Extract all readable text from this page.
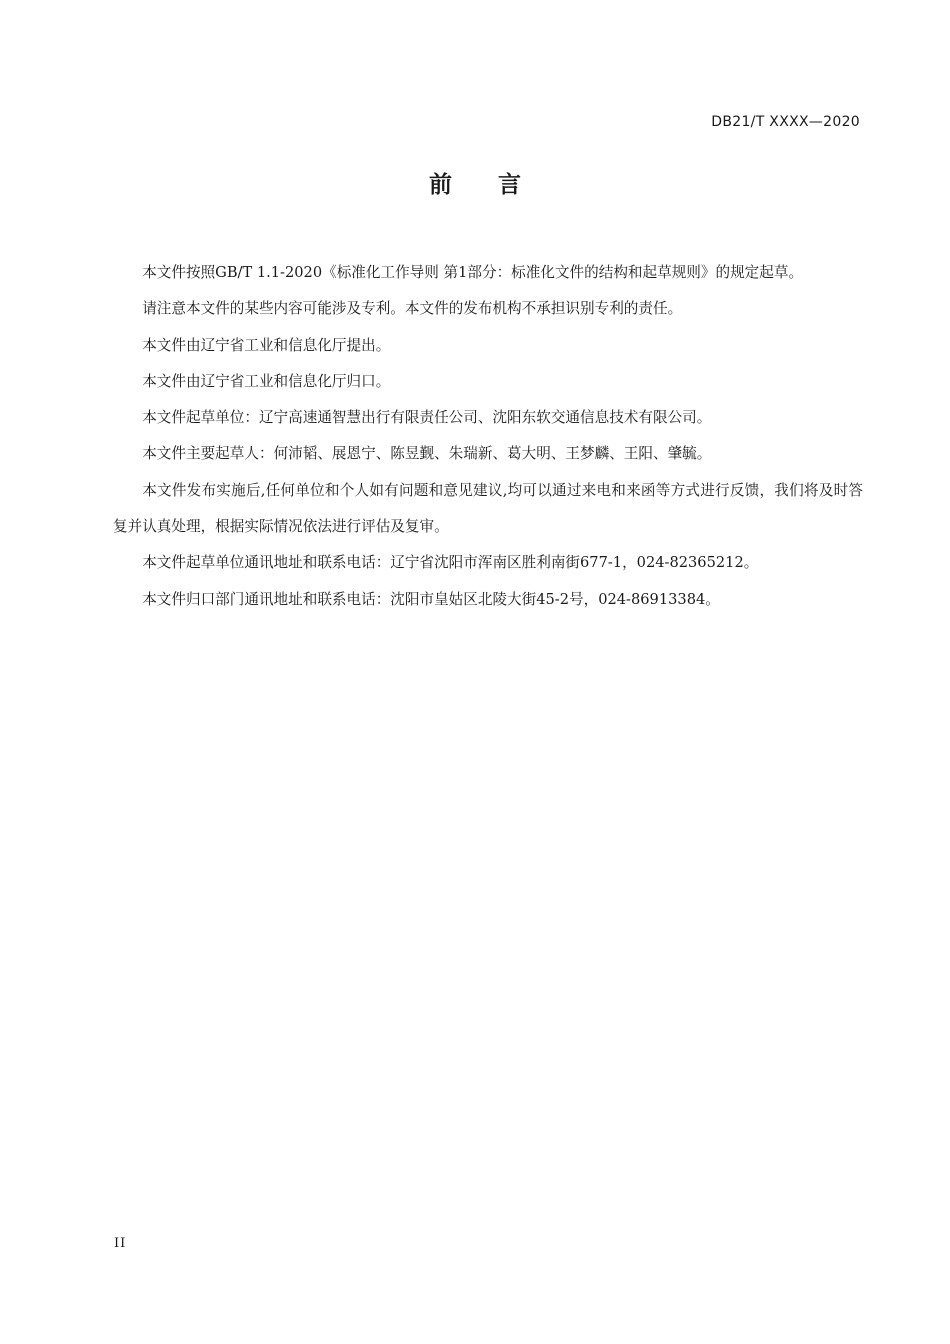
DB21/T XXXX—2020
前　　言

本文件按照GB/T 1.1-2020《标准化工作导则 第1部分：标准化文件的结构和起草规则》的规定起草。

请注意本文件的某些内容可能涉及专利。本文件的发布机构不承担识别专利的责任。

本文件由辽宁省工业和信息化厅提出。

本文件由辽宁省工业和信息化厅归口。

本文件起草单位：辽宁高速通智慧出行有限责任公司、沈阳东软交通信息技术有限公司。

本文件主要起草人：何沛韬、展恩宁、陈昱觐、朱瑞新、葛大明、王梦麟、王阳、肇毓。

本文件发布实施后,任何单位和个人如有问题和意见建议,均可以通过来电和来函等方式进行反馈，我们将及时答复并认真处理，根据实际情况依法进行评估及复审。

本文件起草单位通讯地址和联系电话：辽宁省沈阳市浑南区胜利南街677-1，024-82365212。

本文件归口部门通讯地址和联系电话：沈阳市皇姑区北陵大街45-2号，024-86913384。

II
